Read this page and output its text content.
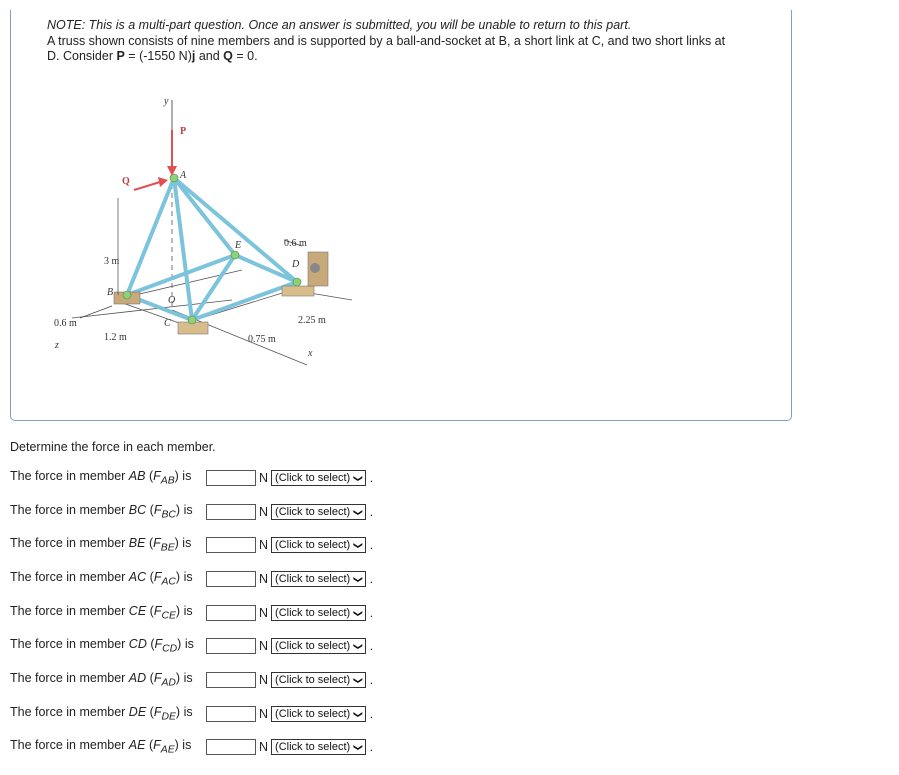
NOTE: This is a multi-part question. Once an answer is submitted, you will be unable to return to this part.
A truss shown consists of nine members and is supported by a ball-and-socket at B, a short link at C, and two short links at
D. Consider P = (-1550 N)j and Q = 0.
y
P
A
Q
E
D
B
O
C
x
z
3 m
0.6 m
0.6 m
1.2 m	0.75 m
2.25 m
Determine the force in each member.
The force in member AB $(F_{AB})$ is	N (Click to select) ❯ .
The force in member BC $(F_{BC})$ is	N (Click to select) ❯ .
The force in member BE $(F_{BE})$ is	N (Click to select) ❯ .
The force in member AC $(F_{AC})$ is	N (Click to select) ❯ .
The force in member CE $(F_{CE})$ is	N (Click to select) ❯ .
The force in member CD $(F_{CD})$ is	N (Click to select) ❯ .
The force in member AD $(F_{AD})$ is	N (Click to select) ❯ .
The force in member DE $(F_{DE})$ is	N (Click to select) ❯ .
The force in member AE $(F_{AE})$ is	N (Click to select) ❯ .
